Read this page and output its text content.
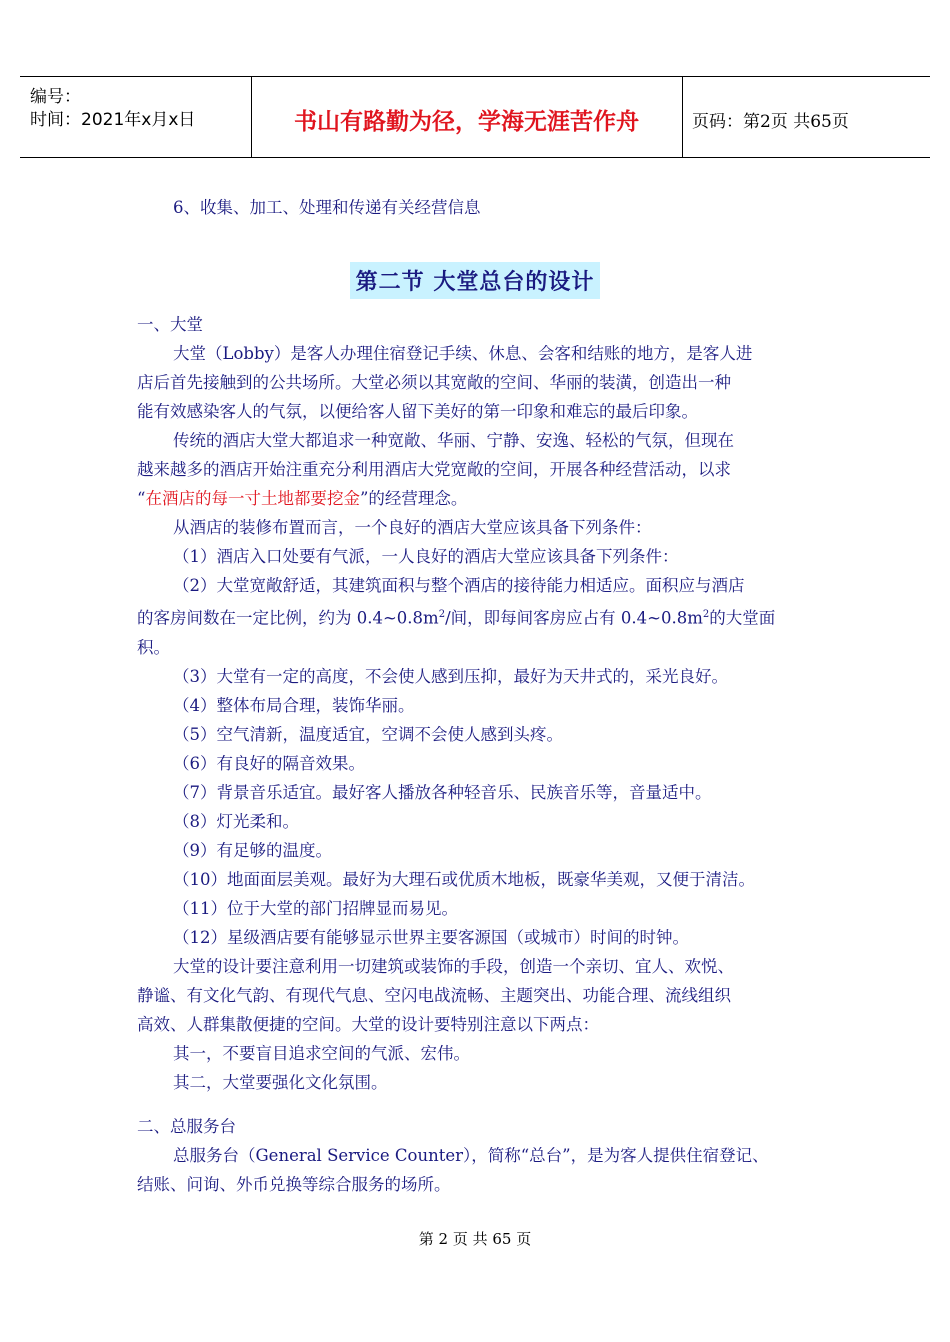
编号：
时间：2021年x月x日	书山有路勤为径，学海无涯苦作舟	页码：第2页 共65页

6、收集、加工、处理和传递有关经营信息

第二节 大堂总台的设计

一、大堂

大堂（Lobby）是客人办理住宿登记手续、休息、会客和结账的地方，是客人进

店后首先接触到的公共场所。大堂必须以其宽敞的空间、华丽的装潢，创造出一种

能有效感染客人的气氛，以便给客人留下美好的第一印象和难忘的最后印象。

传统的酒店大堂大都追求一种宽敞、华丽、宁静、安逸、轻松的气氛，但现在

越来越多的酒店开始注重充分利用酒店大党宽敞的空间，开展各种经营活动，以求

“在酒店的每一寸土地都要挖金”的经营理念。

从酒店的装修布置而言，一个良好的酒店大堂应该具备下列条件：

（1）酒店入口处要有气派，一人良好的酒店大堂应该具备下列条件：

（2）大堂宽敞舒适，其建筑面积与整个酒店的接待能力相适应。面积应与酒店

的客房间数在一定比例，约为 $0.4\sim 0.8m^2/$间，即每间客房应占有 $0.4\sim 0.8m^2$的大堂面

积。

（3）大堂有一定的高度，不会使人感到压抑，最好为天井式的，采光良好。

（4）整体布局合理，装饰华丽。

（5）空气清新，温度适宜，空调不会使人感到头疼。

（6）有良好的隔音效果。

（7）背景音乐适宜。最好客人播放各种轻音乐、民族音乐等，音量适中。

（8）灯光柔和。

（9）有足够的温度。

（10）地面面层美观。最好为大理石或优质木地板，既豪华美观，又便于清洁。

（11）位于大堂的部门招牌显而易见。

（12）星级酒店要有能够显示世界主要客源国（或城市）时间的时钟。

大堂的设计要注意利用一切建筑或装饰的手段，创造一个亲切、宜人、欢悦、

静谧、有文化气韵、有现代气息、空闪电战流畅、主题突出、功能合理、流线组织

高效、人群集散便捷的空间。大堂的设计要特别注意以下两点：

其一，不要盲目追求空间的气派、宏伟。

其二，大堂要强化文化氛围。

二、总服务台

总服务台（General Service Counter），简称“总台”，是为客人提供住宿登记、

结账、问询、外币兑换等综合服务的场所。

第 2 页 共 65 页
